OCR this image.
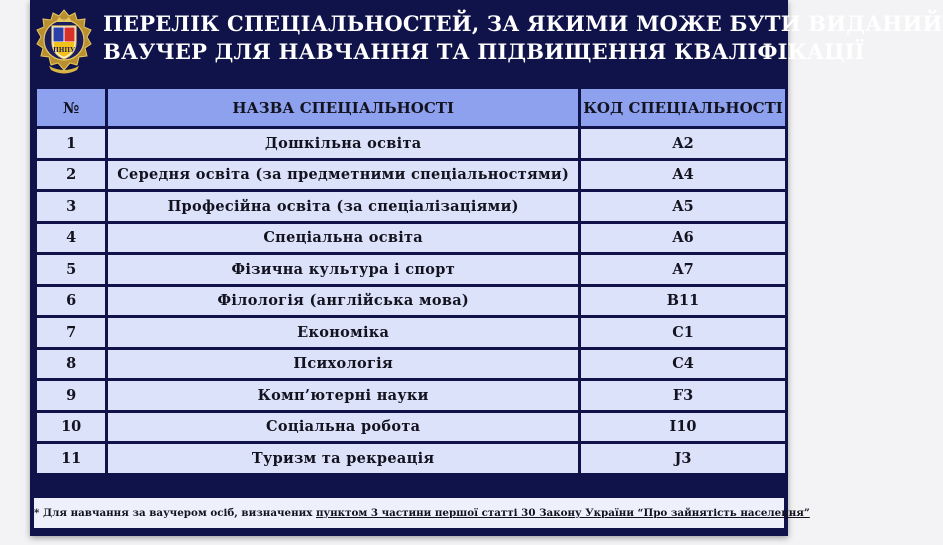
ПНПУ
ПЕРЕЛІК СПЕЦІАЛЬНОСТЕЙ, ЗА ЯКИМИ МОЖЕ БУТИ ВИДАНИЙ
ВАУЧЕР ДЛЯ НАВЧАННЯ ТА ПІДВИЩЕННЯ КВАЛІФІКАЦІЇ
№	НАЗВА СПЕЦІАЛЬНОСТІ	КОД СПЕЦІАЛЬНОСТІ
1	Дошкільна освіта	A2
2	Середня освіта (за предметними спеціальностями)	A4
3	Професійна освіта (за спеціалізаціями)	A5
4	Спеціальна освіта	A6
5	Фізична культура і спорт	A7
6	Філологія (англійська мова)	B11
7	Економіка	C1
8	Психологія	C4
9	Комп’ютерні науки	F3
10	Соціальна робота	I10
11	Туризм та рекреація	J3
* Для навчання за ваучером осіб, визначених пунктом 3 частини першої статті 30 Закону України “Про зайнятість населення”
